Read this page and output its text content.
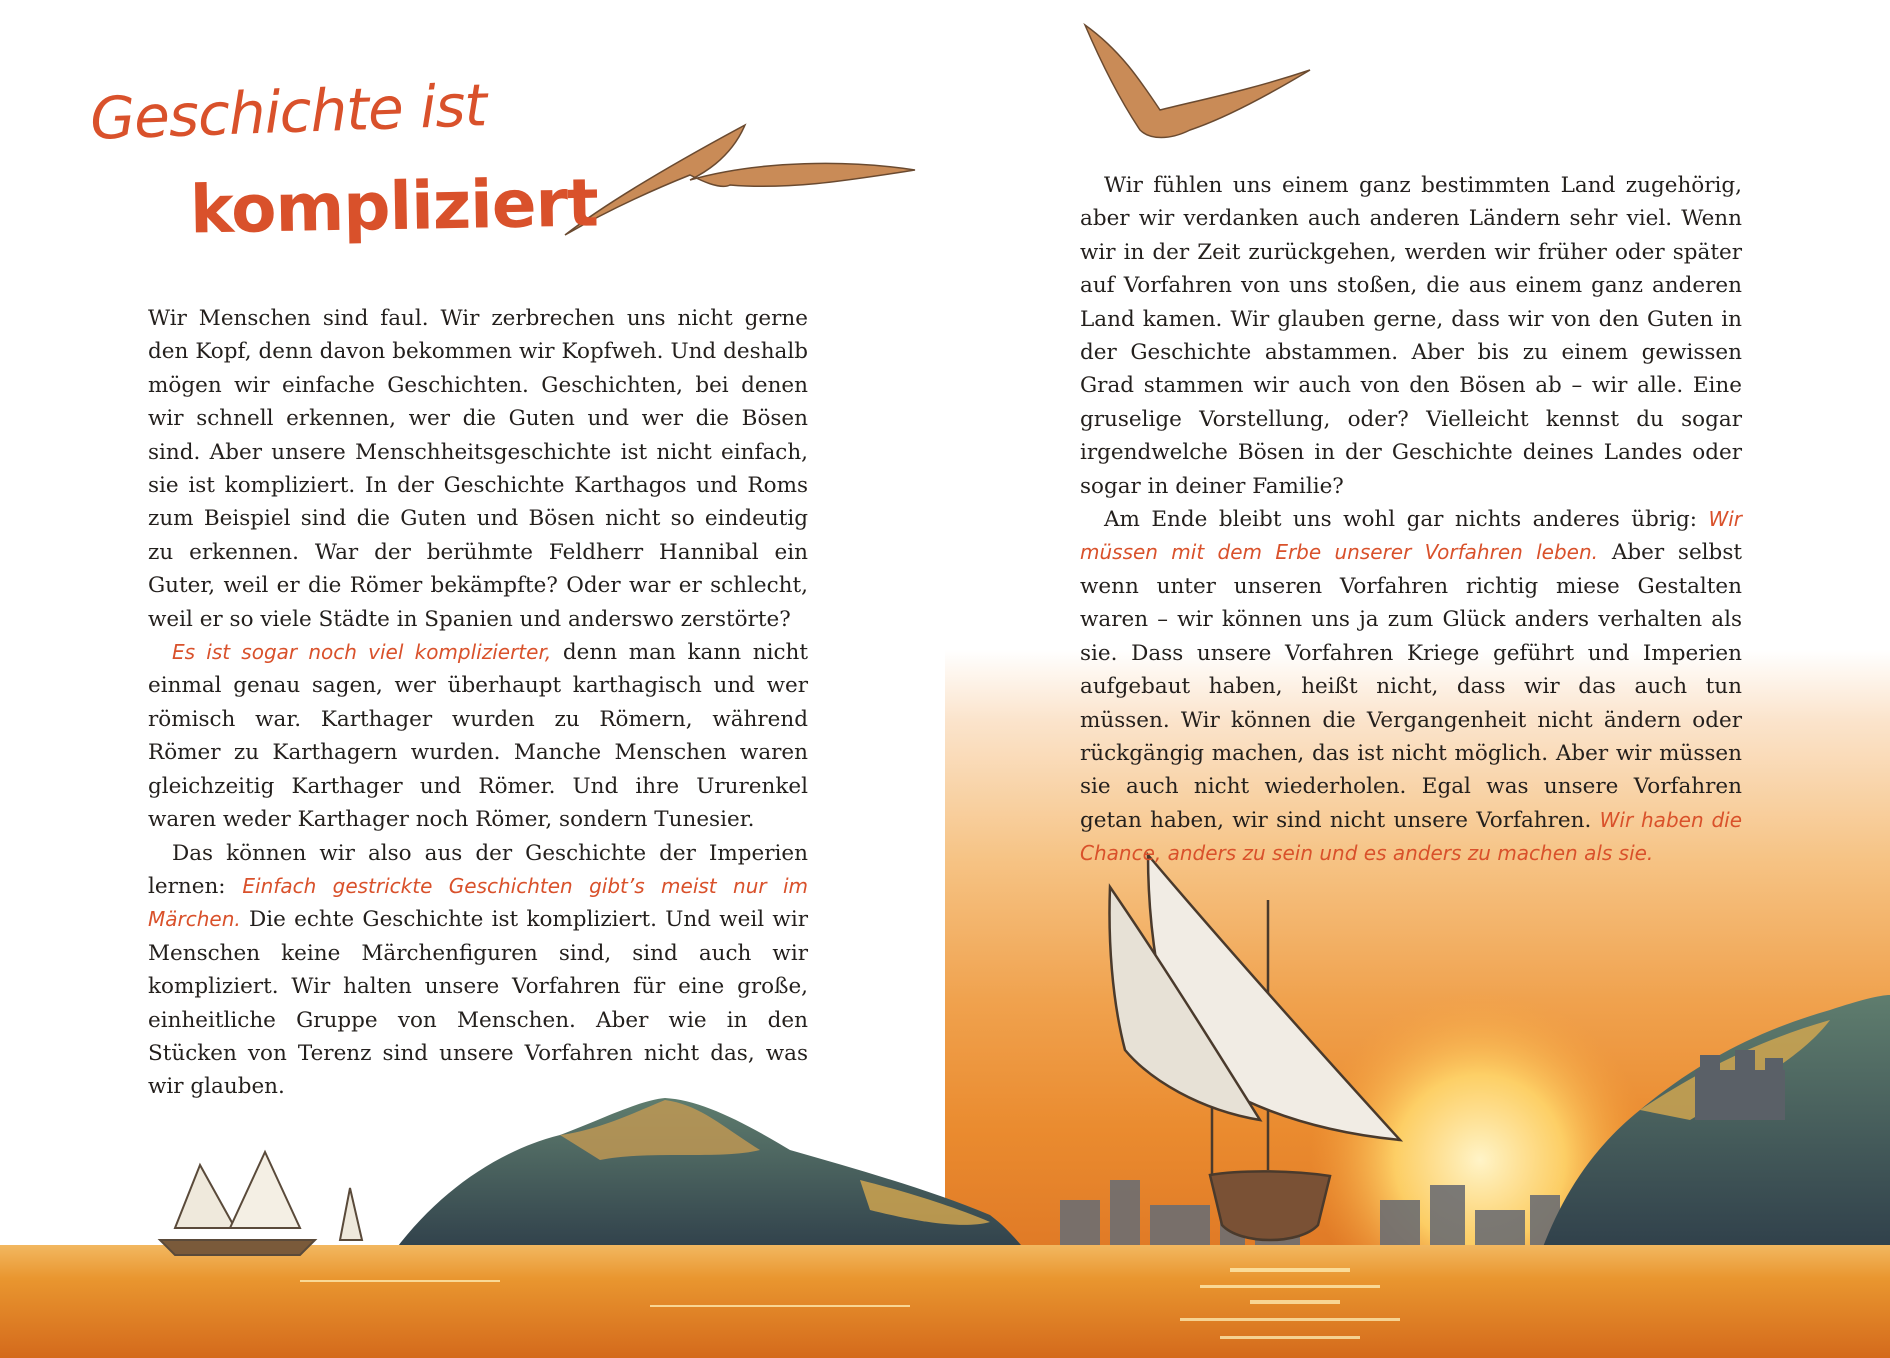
Geschichte ist
kompliziert

Wir Menschen sind faul. Wir zerbrechen uns nicht gerne den Kopf, denn davon bekommen wir Kopfweh. Und deshalb mögen wir einfache Geschichten. Geschichten, bei denen wir schnell erkennen, wer die Guten und wer die Bösen sind. Aber unsere Menschheitsgeschichte ist nicht einfach, sie ist kompliziert. In der Geschichte Karthagos und Roms zum Beispiel sind die Guten und Bösen nicht so eindeutig zu erkennen. War der berühmte Feldherr Hannibal ein Guter, weil er die Römer bekämpfte? Oder war er schlecht, weil er so viele Städte in Spanien und anderswo zerstörte?

Es ist sogar noch viel komplizierter, denn man kann nicht einmal genau sagen, wer überhaupt karthagisch und wer römisch war. Karthager wurden zu Römern, während Römer zu Karthagern wurden. Manche Menschen waren gleichzeitig Karthager und Römer. Und ihre Ururenkel waren weder Karthager noch Römer, sondern Tunesier.

Das können wir also aus der Geschichte der Imperien lernen: Einfach gestrickte Geschichten gibt’s meist nur im Märchen. Die echte Geschichte ist kompliziert. Und weil wir Menschen keine Märchenfiguren sind, sind auch wir kompliziert. Wir halten unsere Vorfahren für eine große, einheitliche Gruppe von Menschen. Aber wie in den Stücken von Terenz sind unsere Vorfahren nicht das, was wir glauben.

Wir fühlen uns einem ganz bestimmten Land zugehörig, aber wir verdanken auch anderen Ländern sehr viel. Wenn wir in der Zeit zurückgehen, werden wir früher oder später auf Vorfahren von uns stoßen, die aus einem ganz anderen Land kamen. Wir glauben gerne, dass wir von den Guten in der Geschichte abstammen. Aber bis zu einem gewissen Grad stammen wir auch von den Bösen ab – wir alle. Eine gruselige Vorstellung, oder? Vielleicht kennst du sogar irgendwelche Bösen in der Geschichte deines Landes oder sogar in deiner Familie?

Am Ende bleibt uns wohl gar nichts anderes übrig: Wir müssen mit dem Erbe unserer Vorfahren leben. Aber selbst wenn unter unseren Vorfahren richtig miese Gestalten waren – wir können uns ja zum Glück anders verhalten als sie. Dass unsere Vorfahren Kriege geführt und Imperien aufgebaut haben, heißt nicht, dass wir das auch tun müssen. Wir können die Vergangenheit nicht ändern oder rückgängig machen, das ist nicht möglich. Aber wir müssen sie auch nicht wiederholen. Egal was unsere Vorfahren getan haben, wir sind nicht unsere Vorfahren. Wir haben die Chance, anders zu sein und es anders zu machen als sie.
